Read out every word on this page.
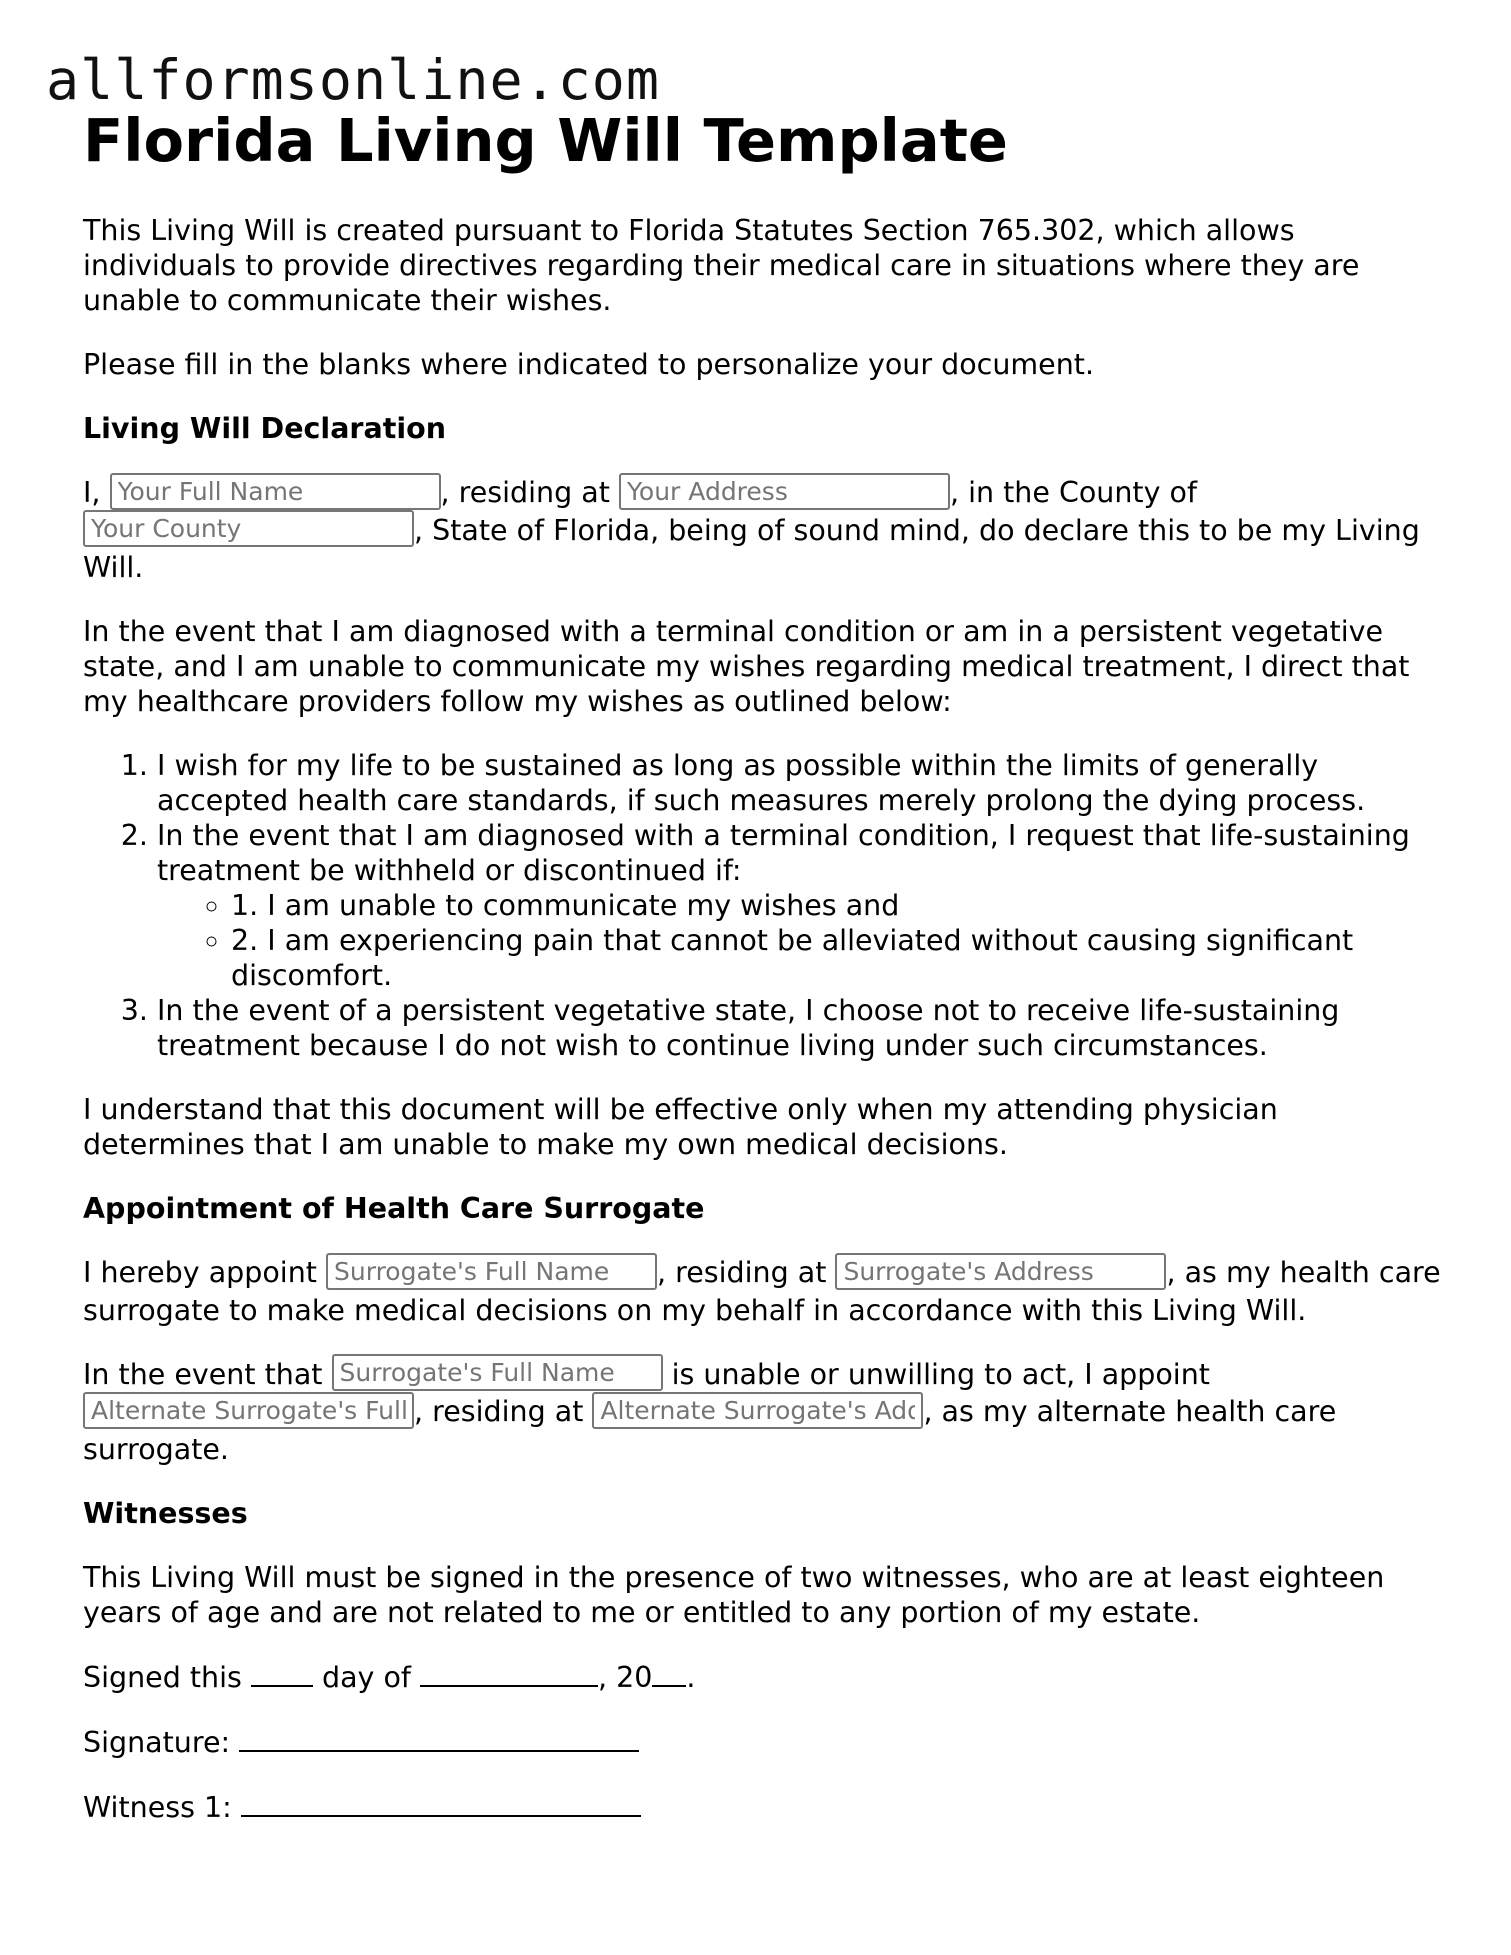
allformsonline.com
Florida Living Will Template

This Living Will is created pursuant to Florida Statutes Section 765.302, which allows individuals to provide directives regarding their medical care in situations where they are unable to communicate their wishes.

Please fill in the blanks where indicated to personalize your document.

Living Will Declaration

I, Your Full Name	, residing at Your Address	, in the County of Your County, State of Florida, being of sound mind, do declare this to be my Living Will.

In the event that I am diagnosed with a terminal condition or am in a persistent vegetative state, and I am unable to communicate my wishes regarding medical treatment, I direct that my healthcare providers follow my wishes as outlined below:

1. I wish for my life to be sustained as long as possible within the limits of generally accepted health care standards, if such measures merely prolong the dying process.
2. In the event that I am diagnosed with a terminal condition, I request that life-sustaining treatment be withheld or discontinued if:
◦ 1. I am unable to communicate my wishes and
◦ 2. I am experiencing pain that cannot be alleviated without causing significant discomfort.
3. In the event of a persistent vegetative state, I choose not to receive life-sustaining treatment because I do not wish to continue living under such circumstances.

I understand that this document will be effective only when my attending physician determines that I am unable to make my own medical decisions.

Appointment of Health Care Surrogate

I hereby appoint Surrogate's Full Name	, residing at Surrogate's Address	, as my health care surrogate to make medical decisions on my behalf in accordance with this Living Will.

In the event that Surrogate's Full Name	is unable or unwilling to act, I appoint Alternate Surrogate's Full Name, residing at Alternate Surrogate's Address	, as my alternate health care surrogate.

Witnesses

This Living Will must be signed in the presence of two witnesses, who are at least eighteen years of age and are not related to me or entitled to any portion of my estate.

Signed this	day of	, 20 .

Signature:

Witness 1:
